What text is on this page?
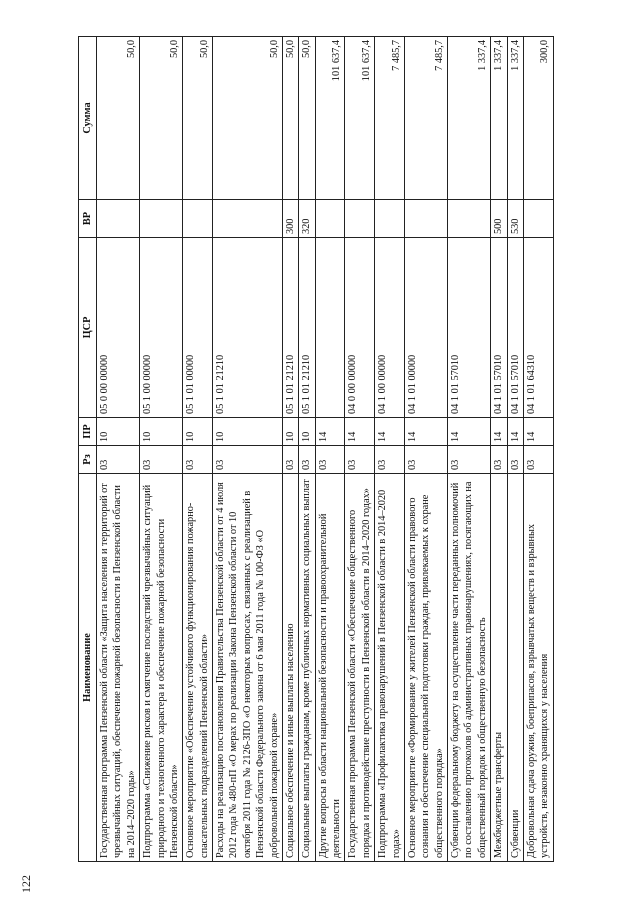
122
Наименование	Рз	ПР	ЦСР	ВР	Сумма
Государственная программа Пензенской области «Защита населения и территорий от чрезвычайных ситуаций, обеспечение пожарной безопасности в Пензенской области на 2014–2020 годы»	03	10	05 0 00 00000		50,0
Подпрограмма «Снижение рисков и смягчение последствий чрезвычайных ситуаций природного и техногенного характера и обеспечение пожарной безопасности Пензенской области»	03	10	05 1 00 00000		50,0
Основное мероприятие «Обеспечение устойчивого функционирования пожарно-спасательных подразделений Пензенской области»	03	10	05 1 01 00000		50,0
Расходы на реализацию постановления Правительства Пензенской области от 4 июля 2012 года № 480-пП «О мерах по реализации Закона Пензенской области от 10 октября 2011 года № 2126-ЗПО «О некоторых вопросах, связанных с реализацией в Пензенской области Федерального закона от 6 мая 2011 года № 100-ФЗ «О добровольной пожарной охране»	03	10	05 1 01 21210		50,0
Социальное обеспечение и иные выплаты населению	03	10	05 1 01 21210	300	50,0
Социальные выплаты гражданам, кроме публичных нормативных социальных выплат	03	10	05 1 01 21210	320	50,0
Другие вопросы в области национальной безопасности и правоохранительной деятельности	03	14			101 637,4
Государственная программа Пензенской области «Обеспечение общественного порядка и противодействие преступности в Пензенской области в 2014–2020 годах»	03	14	04 0 00 00000		101 637,4
Подпрограмма «Профилактика правонарушений в Пензенской области в 2014–2020 годах»	03	14	04 1 00 00000		7 485,7
Основное мероприятие «Формирование у жителей Пензенской области правового сознания и обеспечение специальной подготовки граждан, привлекаемых к охране общественного порядка»	03	14	04 1 01 00000		7 485,7
Субвенции федеральному бюджету на осуществление части переданных полномочий по составлению протоколов об административных правонарушениях, посягающих на общественный порядок и общественную безопасность	03	14	04 1 01 57010		1 337,4
Межбюджетные трансферты	03	14	04 1 01 57010	500	1 337,4
Субвенции	03	14	04 1 01 57010	530	1 337,4
Добровольная сдача оружия, боеприпасов, взрывчатых веществ и взрывных устройств, незаконно хранящихся у населения	03	14	04 1 01 64310		300,0
